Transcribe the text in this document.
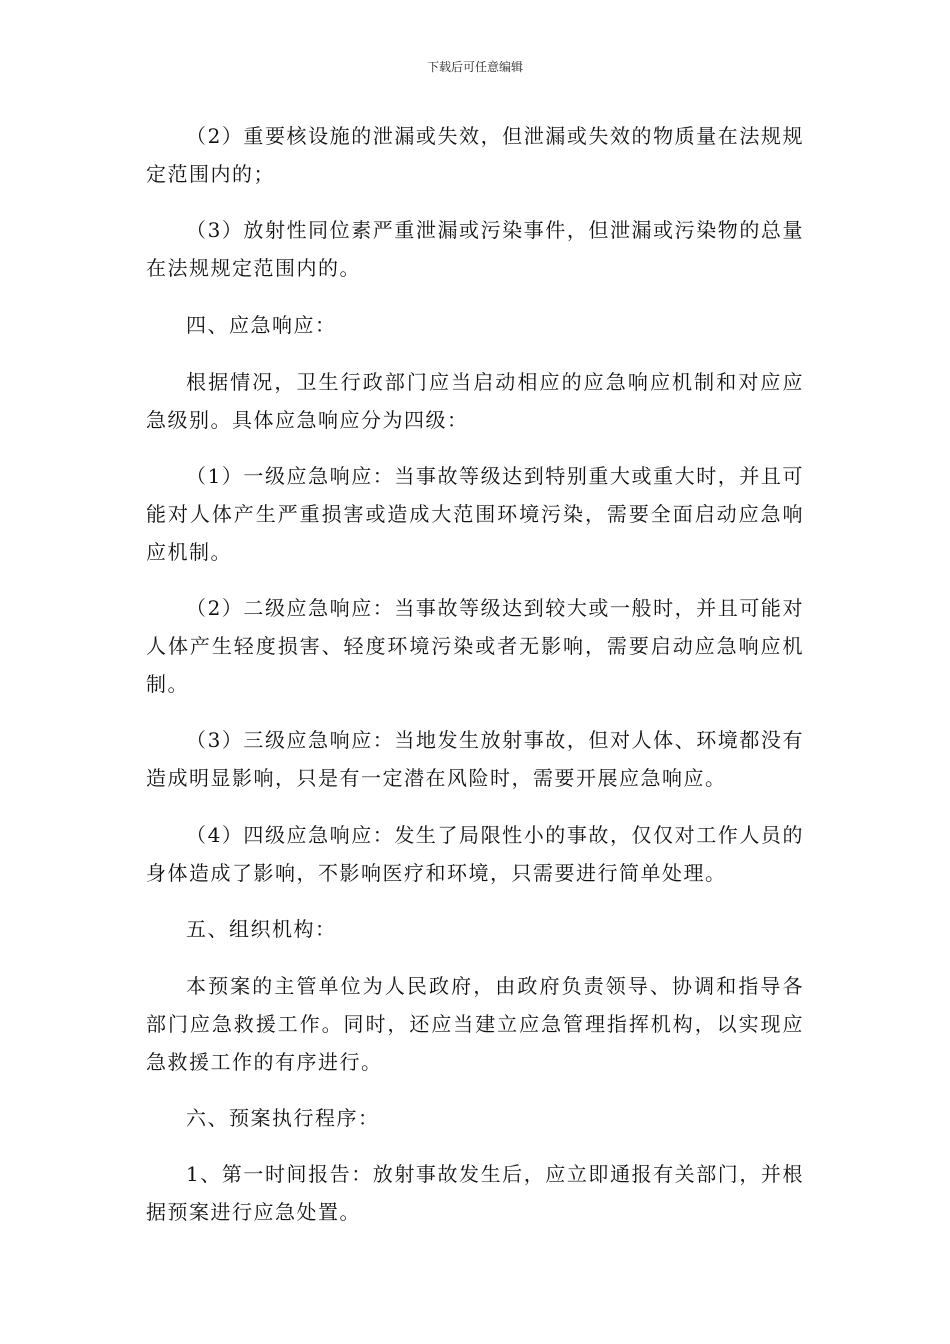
下载后可任意编辑

（2）重要核设施的泄漏或失效，但泄漏或失效的物质量在法规规定范围内的；

（3）放射性同位素严重泄漏或污染事件，但泄漏或污染物的总量在法规规定范围内的。

四、应急响应：

根据情况，卫生行政部门应当启动相应的应急响应机制和对应应急级别。具体应急响应分为四级：

（1）一级应急响应：当事故等级达到特别重大或重大时，并且可能对人体产生严重损害或造成大范围环境污染，需要全面启动应急响应机制。

（2）二级应急响应：当事故等级达到较大或一般时，并且可能对人体产生轻度损害、轻度环境污染或者无影响，需要启动应急响应机制。

（3）三级应急响应：当地发生放射事故，但对人体、环境都没有造成明显影响，只是有一定潜在风险时，需要开展应急响应。

（4）四级应急响应：发生了局限性小的事故，仅仅对工作人员的身体造成了影响，不影响医疗和环境，只需要进行简单处理。

五、组织机构：

本预案的主管单位为人民政府，由政府负责领导、协调和指导各部门应急救援工作。同时，还应当建立应急管理指挥机构，以实现应急救援工作的有序进行。

六、预案执行程序：

1、第一时间报告：放射事故发生后，应立即通报有关部门，并根据预案进行应急处置。
